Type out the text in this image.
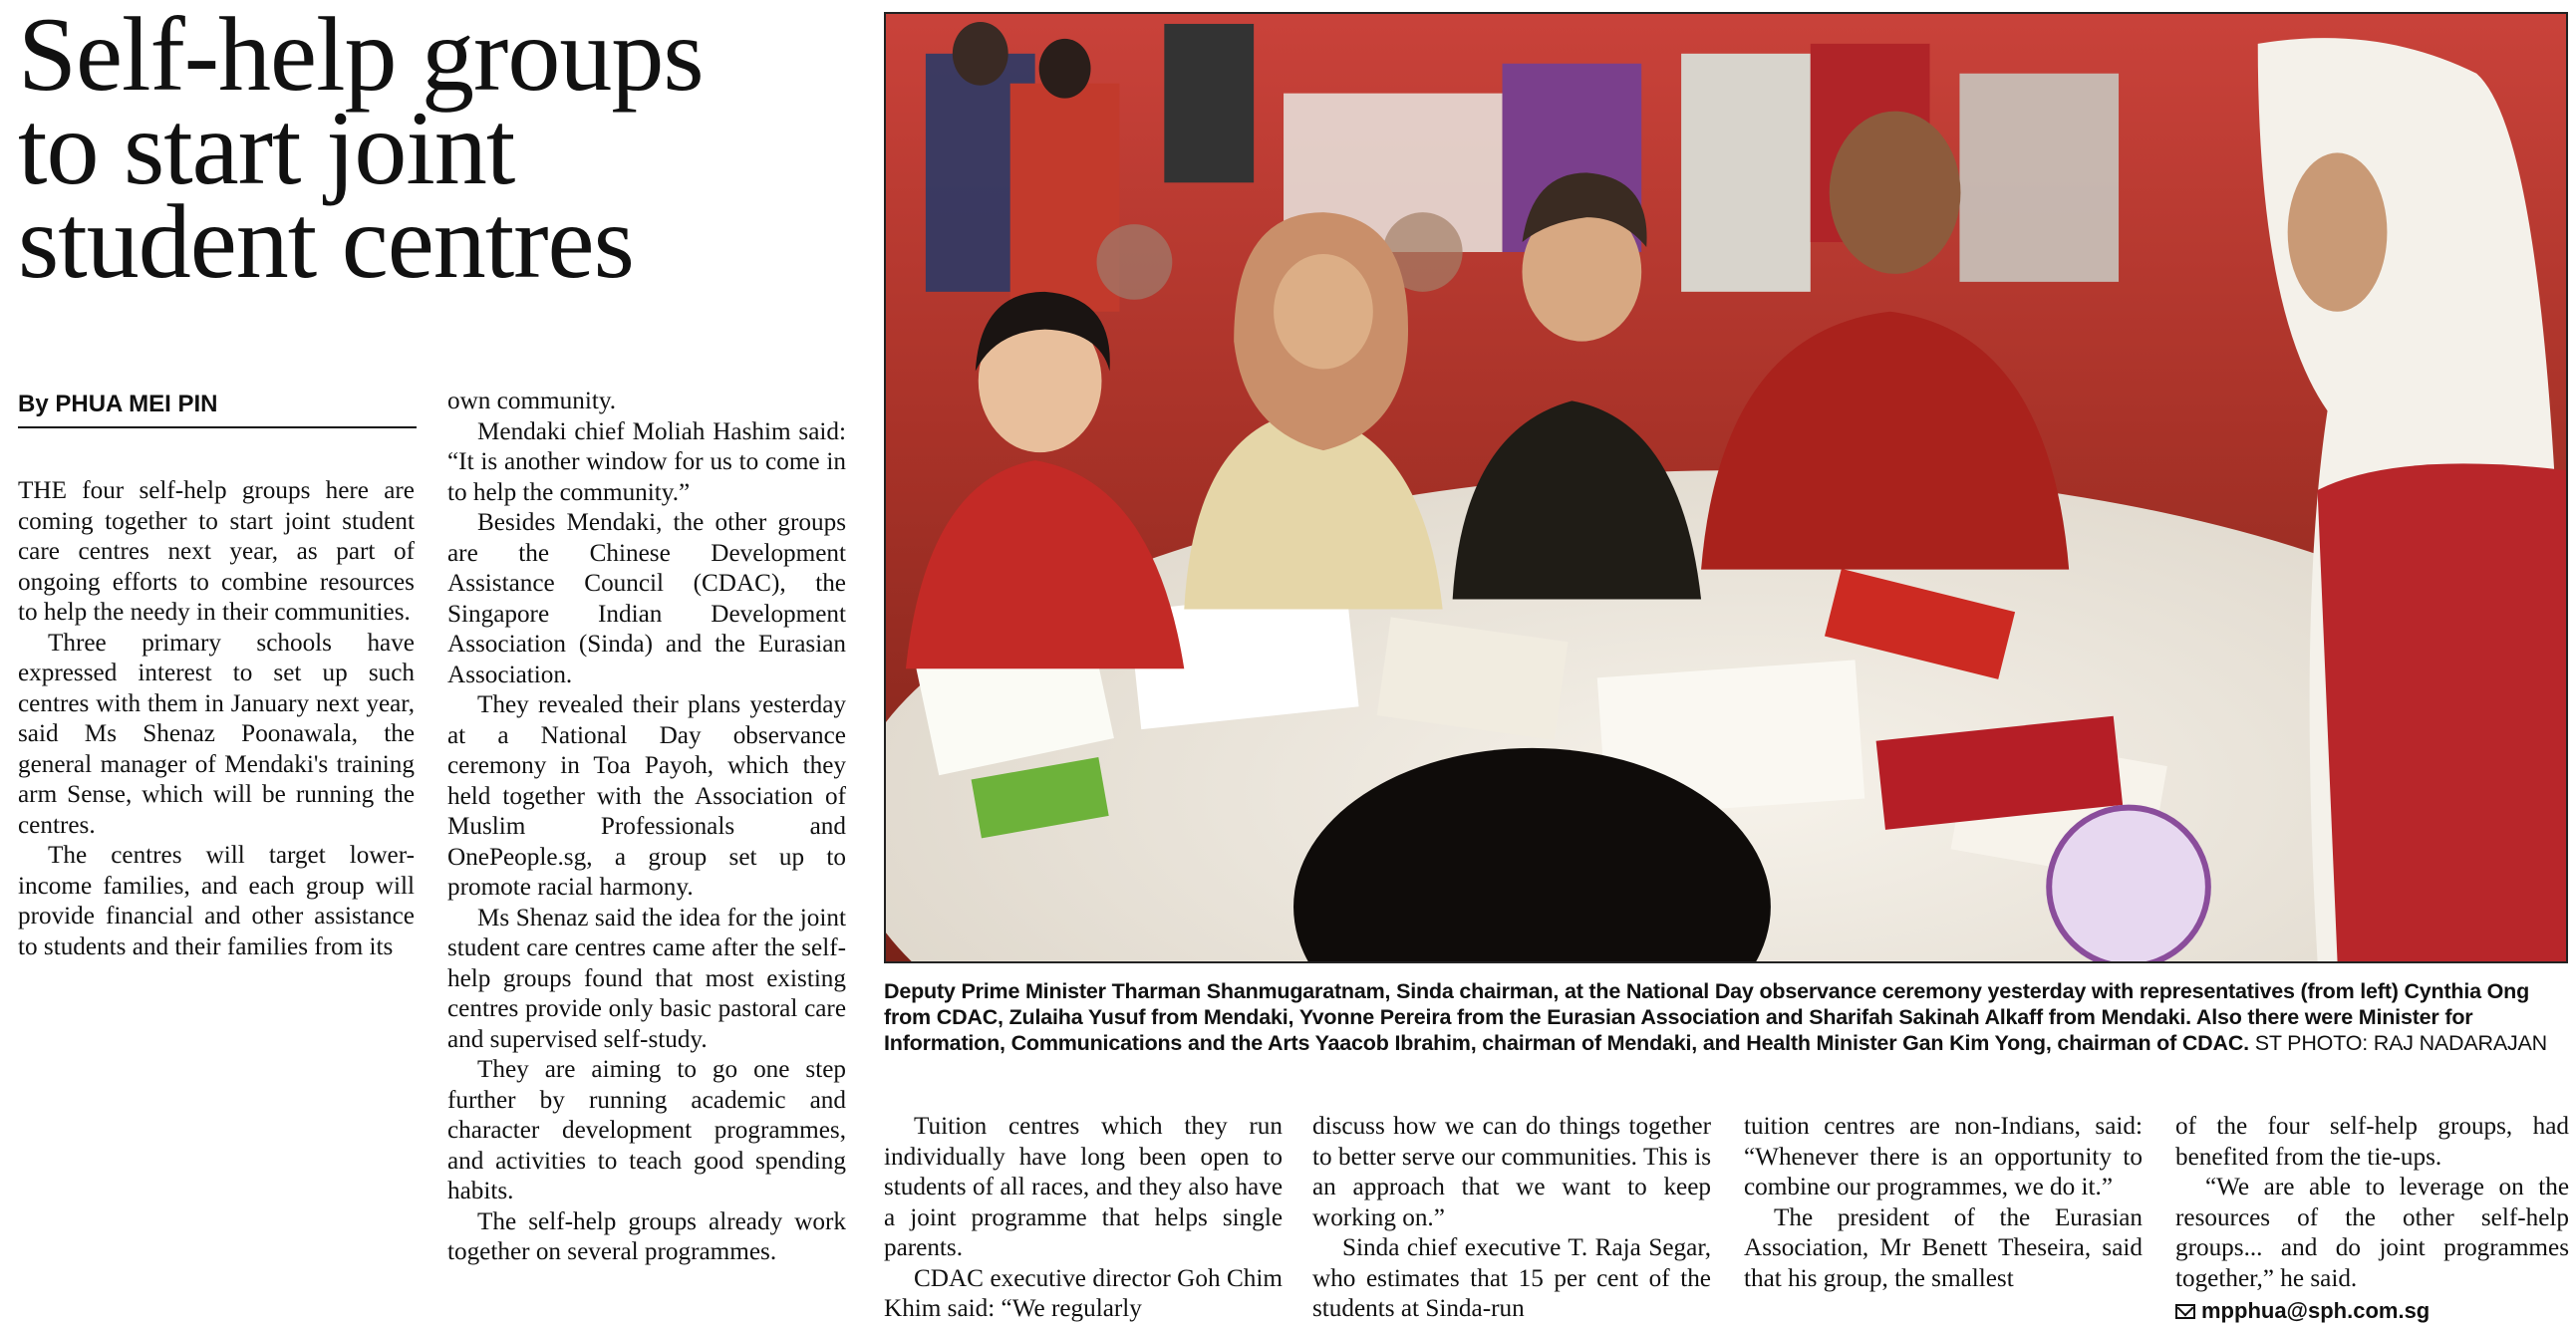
Self-help groups
to start joint
student centres
By PHUA MEI PIN

THE four self-help groups here are coming together to start joint student care centres next year, as part of ongoing efforts to combine resources to help the needy in their communities.

Three primary schools have expressed interest to set up such centres with them in January next year, said Ms Shenaz Poonawala, the general manager of Mendaki's training arm Sense, which will be running the centres.

The centres will target lower-income families, and each group will provide financial and other assistance to students and their families from its

own community.

Mendaki chief Moliah Hashim said: “It is another window for us to come in to help the community.”

Besides Mendaki, the other groups are the Chinese Development Assistance Council (CDAC), the Singapore Indian Development Association (Sinda) and the Eurasian Association.

They revealed their plans yesterday at a National Day observance ceremony in Toa Payoh, which they held together with the Association of Muslim Professionals and OnePeople.sg, a group set up to promote racial harmony.

Ms Shenaz said the idea for the joint student care centres came after the self-help groups found that most existing centres provide only basic pastoral care and supervised self-study.

They are aiming to go one step further by running academic and character development programmes, and activities to teach good spending habits.

The self-help groups already work together on several programmes.

Tuition centres which they run individually have long been open to students of all races, and they also have a joint programme that helps single parents.

CDAC executive director Goh Chim Khim said: “We regularly

discuss how we can do things together to better serve our communities. This is an approach that we want to keep working on.”

Sinda chief executive T. Raja Segar, who estimates that 15 per cent of the students at Sinda-run

tuition centres are non-Indians, said: “Whenever there is an opportunity to combine our programmes, we do it.”

The president of the Eurasian Association, Mr Benett Theseira, said that his group, the smallest

of the four self-help groups, had benefited from the tie-ups.

“We are able to leverage on the resources of the other self-help groups... and do joint programmes together,” he said.

mpphua@sph.com.sg
Deputy Prime Minister Tharman Shanmugaratnam, Sinda chairman, at the National Day observance ceremony yesterday with representatives (from left) Cynthia Ong from CDAC, Zulaiha Yusuf from Mendaki, Yvonne Pereira from the Eurasian Association and Sharifah Sakinah Alkaff from Mendaki. Also there were Minister for Information, Communications and the Arts Yaacob Ibrahim, chairman of Mendaki, and Health Minister Gan Kim Yong, chairman of CDAC. ST PHOTO: RAJ NADARAJAN
